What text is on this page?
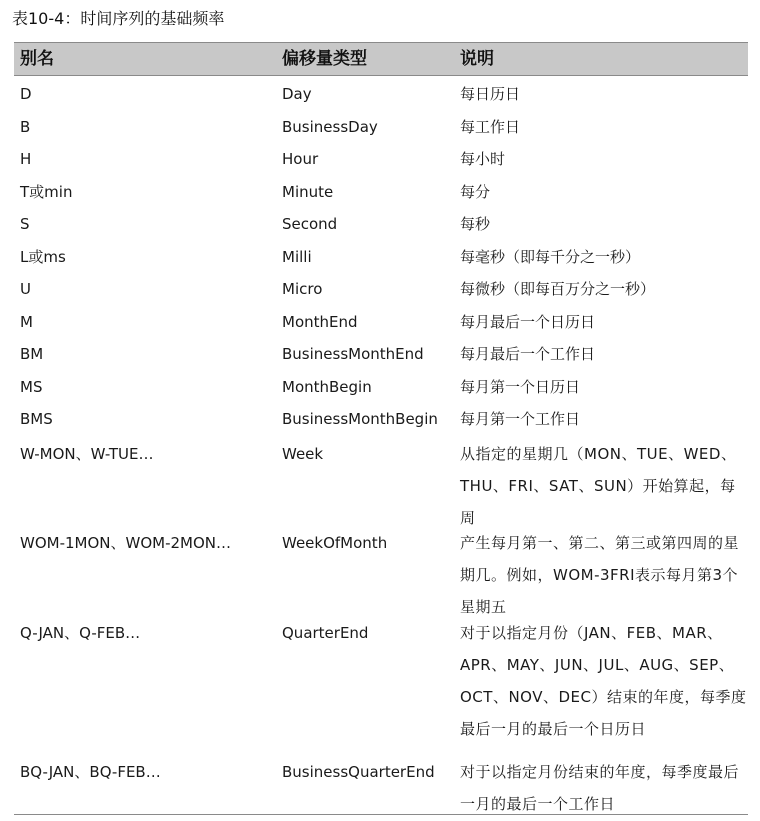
表10-4：时间序列的基础频率
别名	偏移量类型	说明
D	Day	每日历日
B	BusinessDay	每工作日
H	Hour	每小时
T或min	Minute	每分
S	Second	每秒
L或ms	Milli	每毫秒（即每千分之一秒）
U	Micro	每微秒（即每百万分之一秒）
M	MonthEnd	每月最后一个日历日
BM	BusinessMonthEnd 每月最后一个工作日
MS	MonthBegin	每月第一个日历日
BMS	BusinessMonthBegin 每月第一个工作日
W-MON、W-TUE…	Week	从指定的星期几（MON、TUE、WED、THU、FRI、SAT、SUN）开始算起，每周
WOM-1MON、WOM-2MON…	WeekOfMonth	产生每月第一、第二、第三或第四周的星期几。例如，WOM-3FRI表示每月第3个星期五
Q-JAN、Q-FEB…	QuarterEnd	对于以指定月份（JAN、FEB、MAR、APR、MAY、JUN、JUL、AUG、SEP、OCT、NOV、DEC）结束的年度，每季度最后一月的最后一个日历日
BQ-JAN、BQ-FEB…	BusinessQuarterEnd 对于以指定月份结束的年度，每季度最后一月的最后一个工作日
